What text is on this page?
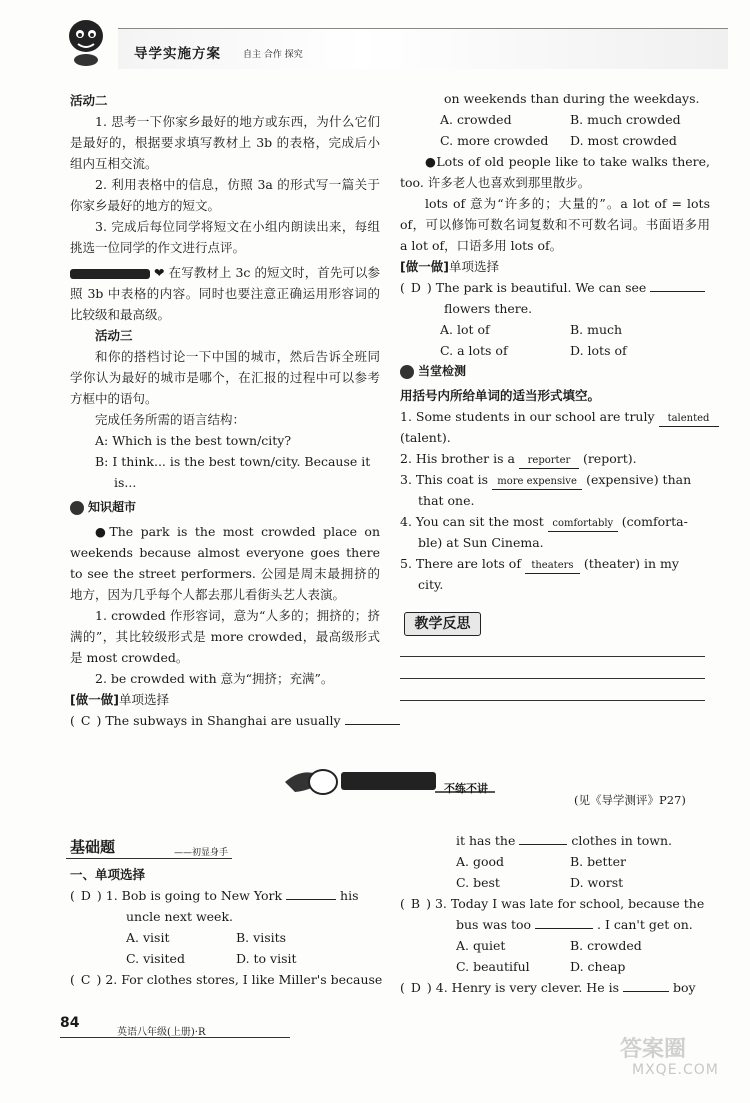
导学实施方案 自主 合作 探究
活动二
1. 思考一下你家乡最好的地方或东西，为什么它们是最好的，根据要求填写教材上 3b 的表格，完成后小组内互相交流。
2. 利用表格中的信息，仿照 3a 的形式写一篇关于你家乡最好的地方的短文。
3. 完成后每位同学将短文在小组内朗读出来，每组挑选一位同学的作文进行点评。
❤ 在写教材上 3c 的短文时，首先可以参照 3b 中表格的内容。同时也要注意正确运用形容词的比较级和最高级。
活动三
和你的搭档讨论一下中国的城市，然后告诉全班同学你认为最好的城市是哪个，在汇报的过程中可以参考方框中的语句。
完成任务所需的语言结构：
A: Which is the best town/city?
B: I think... is the best town/city. Because it
is...
知识超市
●The park is the most crowded place on weekends because almost everyone goes there to see the street performers. 公园是周末最拥挤的地方，因为几乎每个人都去那儿看街头艺人表演。
1. crowded 作形容词，意为“人多的；拥挤的；挤满的”，其比较级形式是 more crowded，最高级形式是 most crowded。
2. be crowded with 意为“拥挤；充满”。
[做一做]单项选择
( C ) The subways in Shanghai are usually
on weekends than during the weekdays.
A. crowded	B. much crowded
C. more crowded	D. most crowded
●Lots of old people like to take walks there, too. 许多老人也喜欢到那里散步。
lots of 意为“许多的；大量的”。a lot of = lots of，可以修饰可数名词复数和不可数名词。书面语多用 a lot of，口语多用 lots of。
[做一做]单项选择
( D ) The park is beautiful. We can see
flowers there.
A. lot of	B. much
C. a lots of	D. lots of
当堂检测
用括号内所给单词的适当形式填空。
1. Some students in our school are truly talented
(talent).
2. His brother is a reporter (report).
3. This coat is more expensive (expensive) than
that one.
4. You can sit the most comfortably (comforta-
ble) at Sun Cinema.
5. There are lots of theaters (theater) in my
city.
教学反思
不练不讲
(见《导学测评》P27)
基础题	——初显身手
一、单项选择
( D ) 1. Bob is going to New York	his
uncle next week.
A. visit	B. visits
C. visited	D. to visit
( C ) 2. For clothes stores, I like Miller's because
it has the	clothes in town.
A. good	B. better
C. best	D. worst
( B ) 3. Today I was late for school, because the
bus was too	. I can't get on.
A. quiet	B. crowded
C. beautiful	D. cheap
( D ) 4. Henry is very clever. He is	boy
84
英语八年级(上册)·R
答案圈
MXQE.COM
